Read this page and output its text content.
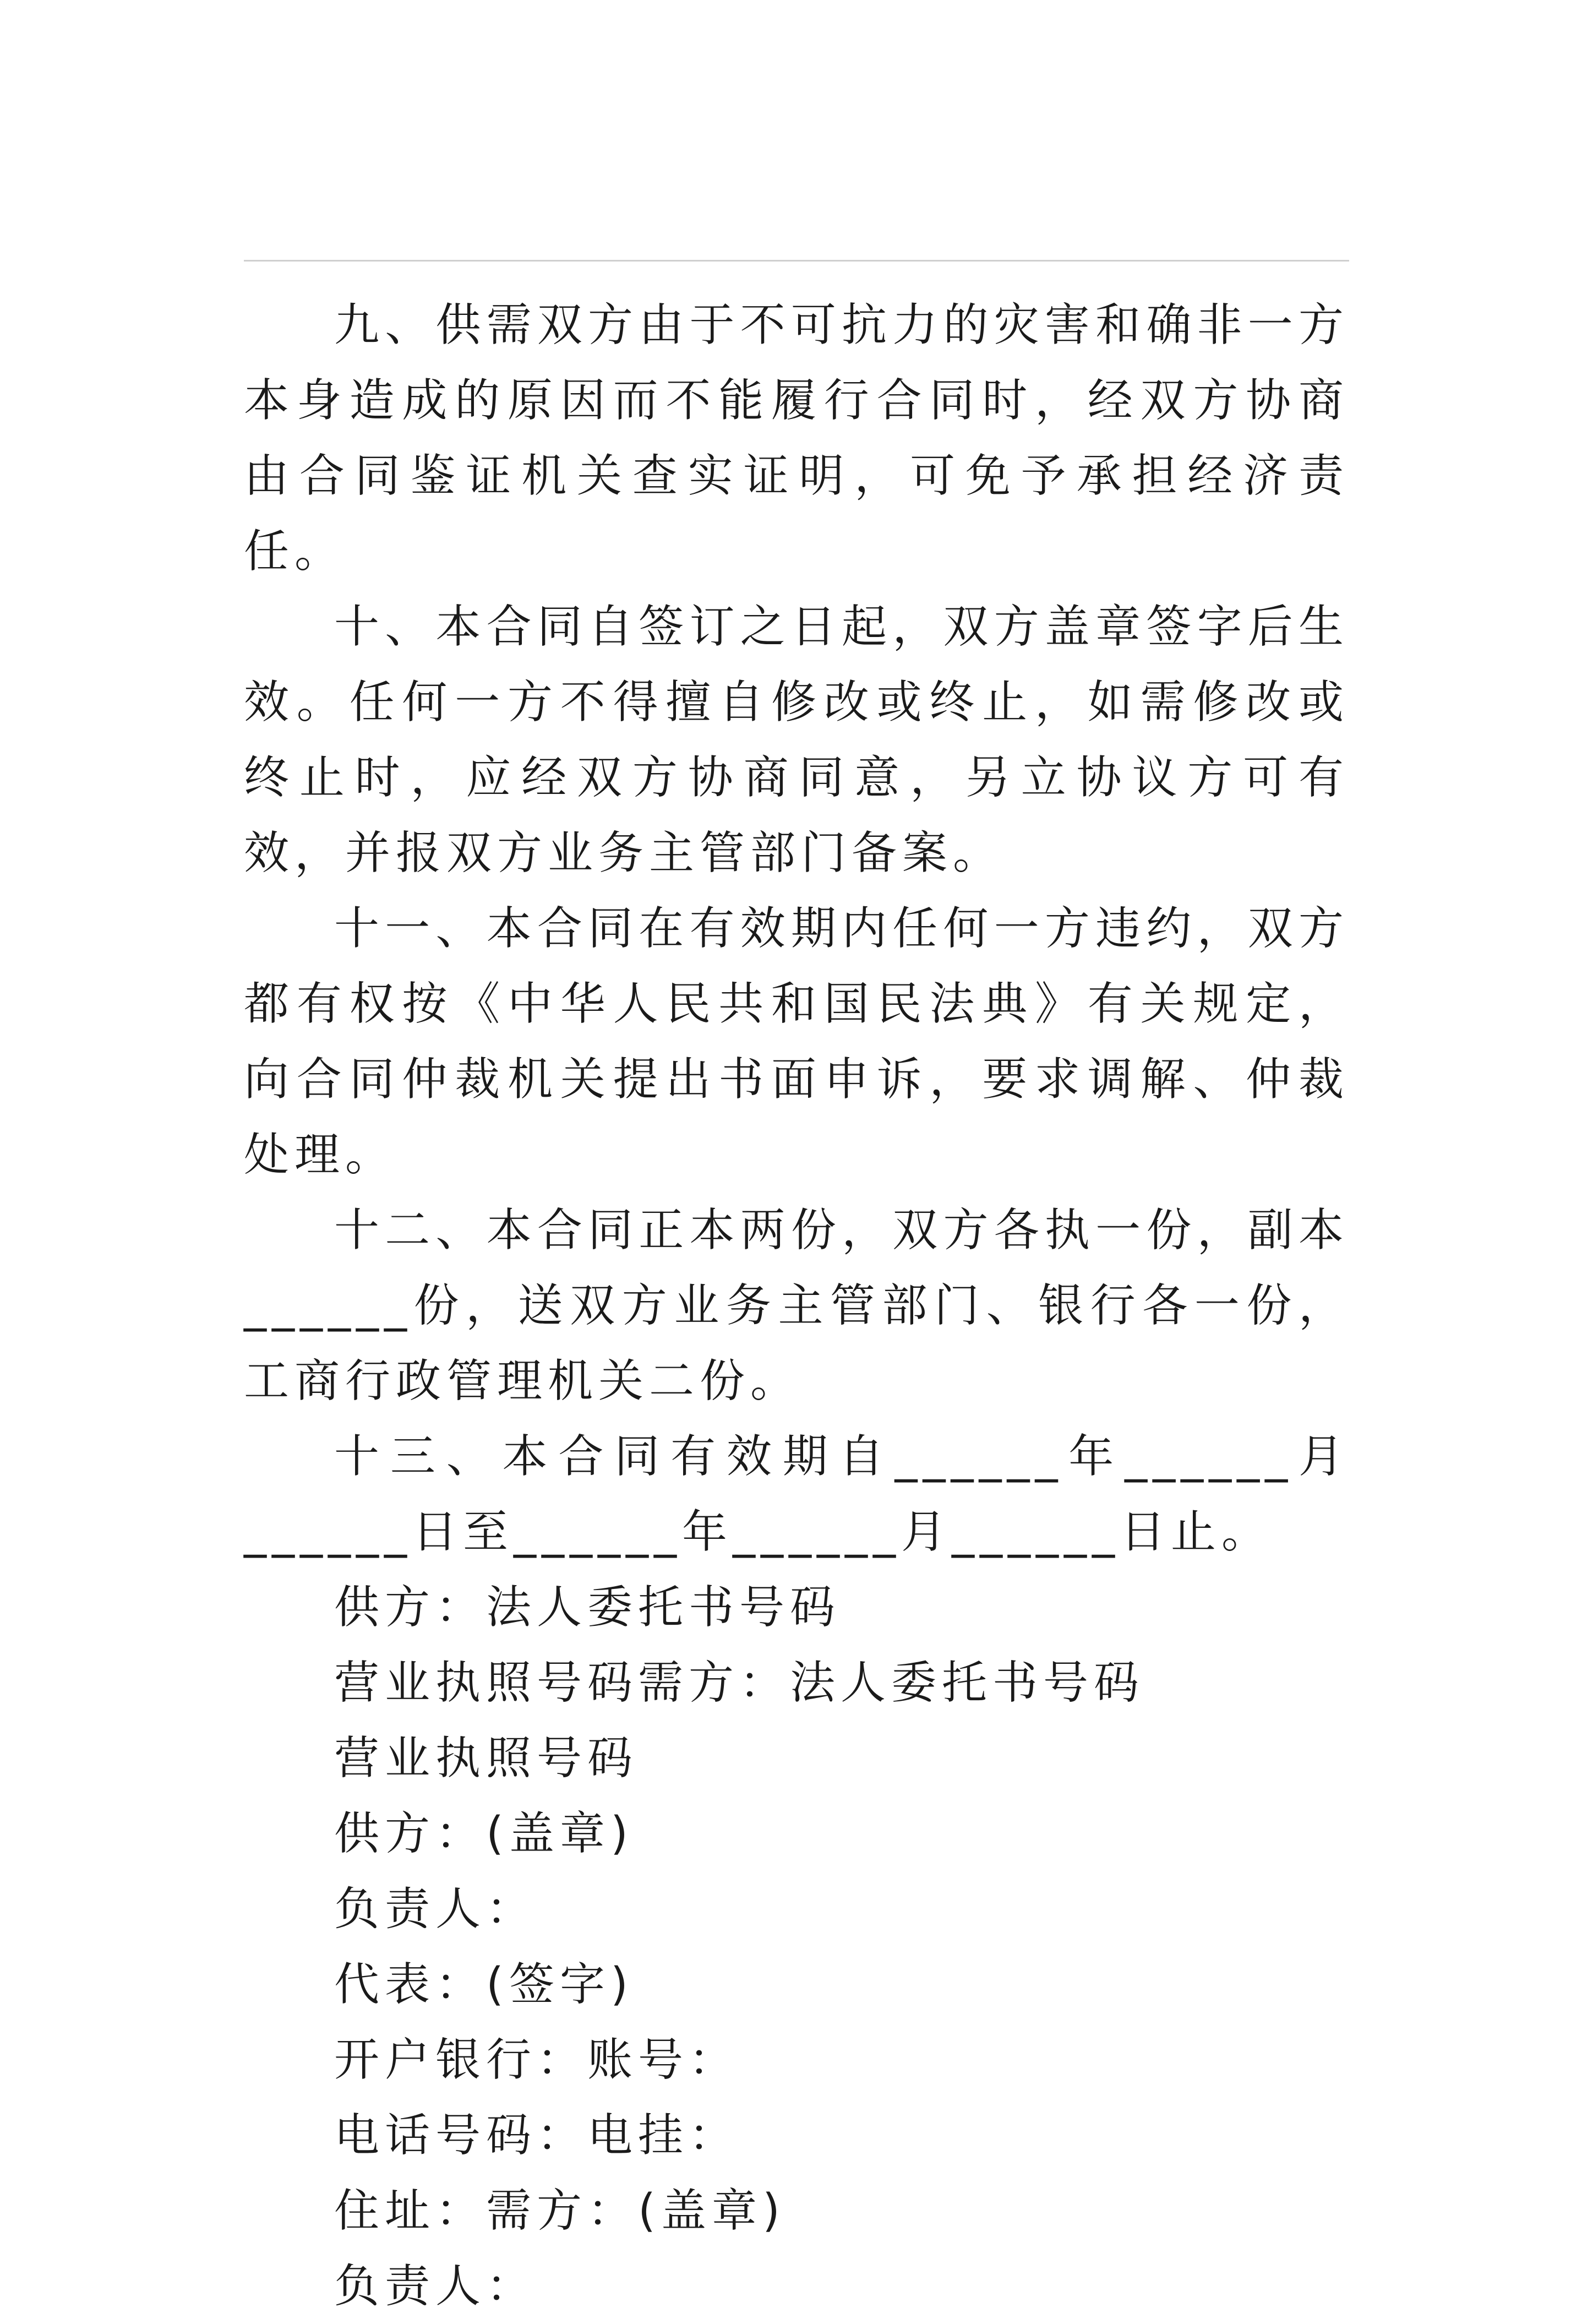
九、供需双方由于不可抗力的灾害和确非一方本身造成的原因而不能履行合同时，经双方协商由合同鉴证机关查实证明，可免予承担经济责任。

十、本合同自签订之日起，双方盖章签字后生效。任何一方不得擅自修改或终止，如需修改或终止时，应经双方协商同意，另立协议方可有效，并报双方业务主管部门备案。

十一、本合同在有效期内任何一方违约，双方都有权按《中华人民共和国民法典》有关规定，向合同仲裁机关提出书面申诉，要求调解、仲裁处理。

十二、本合同正本两份，双方各执一份，副本______份，送双方业务主管部门、银行各一份，工商行政管理机关二份。

十三、本合同有效期自______年______月______日至______年______月______日止。

供方：法人委托书号码

营业执照号码需方：法人委托书号码

营业执照号码

供方：(盖章)

负责人：

代表：(签字)

开户银行：账号：

电话号码：电挂：

住址：需方：(盖章)

负责人：
